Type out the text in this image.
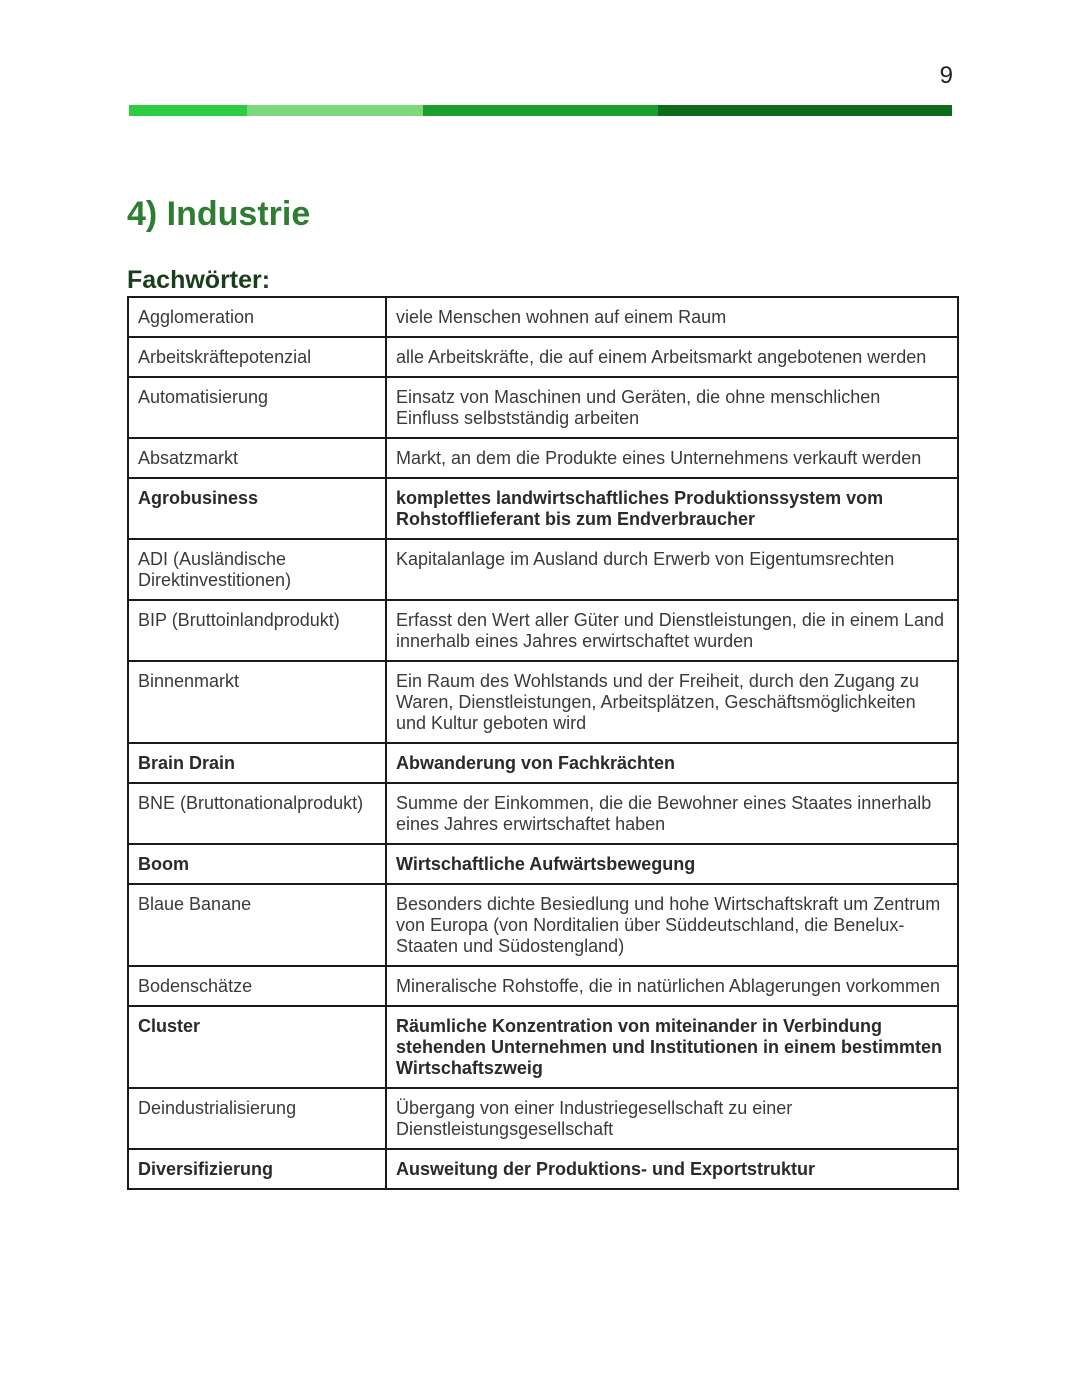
9
4) Industrie
Fachwörter:
Agglomeration	viele Menschen wohnen auf einem Raum
Arbeitskräftepotenzial	alle Arbeitskräfte, die auf einem Arbeitsmarkt angebotenen werden
Automatisierung	Einsatz von Maschinen und Geräten, die ohne menschlichen Einfluss selbstständig arbeiten
Absatzmarkt	Markt, an dem die Produkte eines Unternehmens verkauft werden
Agrobusiness	komplettes landwirtschaftliches Produktionssystem vom Rohstofflieferant bis zum Endverbraucher
ADI (Ausländische Direktinvestitionen)	Kapitalanlage im Ausland durch Erwerb von Eigentumsrechten
BIP (Bruttoinlandprodukt)	Erfasst den Wert aller Güter und Dienstleistungen, die in einem Land innerhalb eines Jahres erwirtschaftet wurden
Binnenmarkt	Ein Raum des Wohlstands und der Freiheit, durch den Zugang zu Waren, Dienstleistungen, Arbeitsplätzen, Geschäftsmöglichkeiten und Kultur geboten wird
Brain Drain	Abwanderung von Fachkrächten
BNE (Bruttonationalprodukt)	Summe der Einkommen, die die Bewohner eines Staates innerhalb eines Jahres erwirtschaftet haben
Boom	Wirtschaftliche Aufwärtsbewegung
Blaue Banane	Besonders dichte Besiedlung und hohe Wirtschaftskraft um Zentrum von Europa (von Norditalien über Süddeutschland, die Benelux-Staaten und Südostengland)
Bodenschätze	Mineralische Rohstoffe, die in natürlichen Ablagerungen vorkommen
Cluster	Räumliche Konzentration von miteinander in Verbindung stehenden Unternehmen und Institutionen in einem bestimmten Wirtschaftszweig
Deindustrialisierung	Übergang von einer Industriegesellschaft zu einer Dienstleistungsgesellschaft
Diversifizierung	Ausweitung der Produktions- und Exportstruktur
